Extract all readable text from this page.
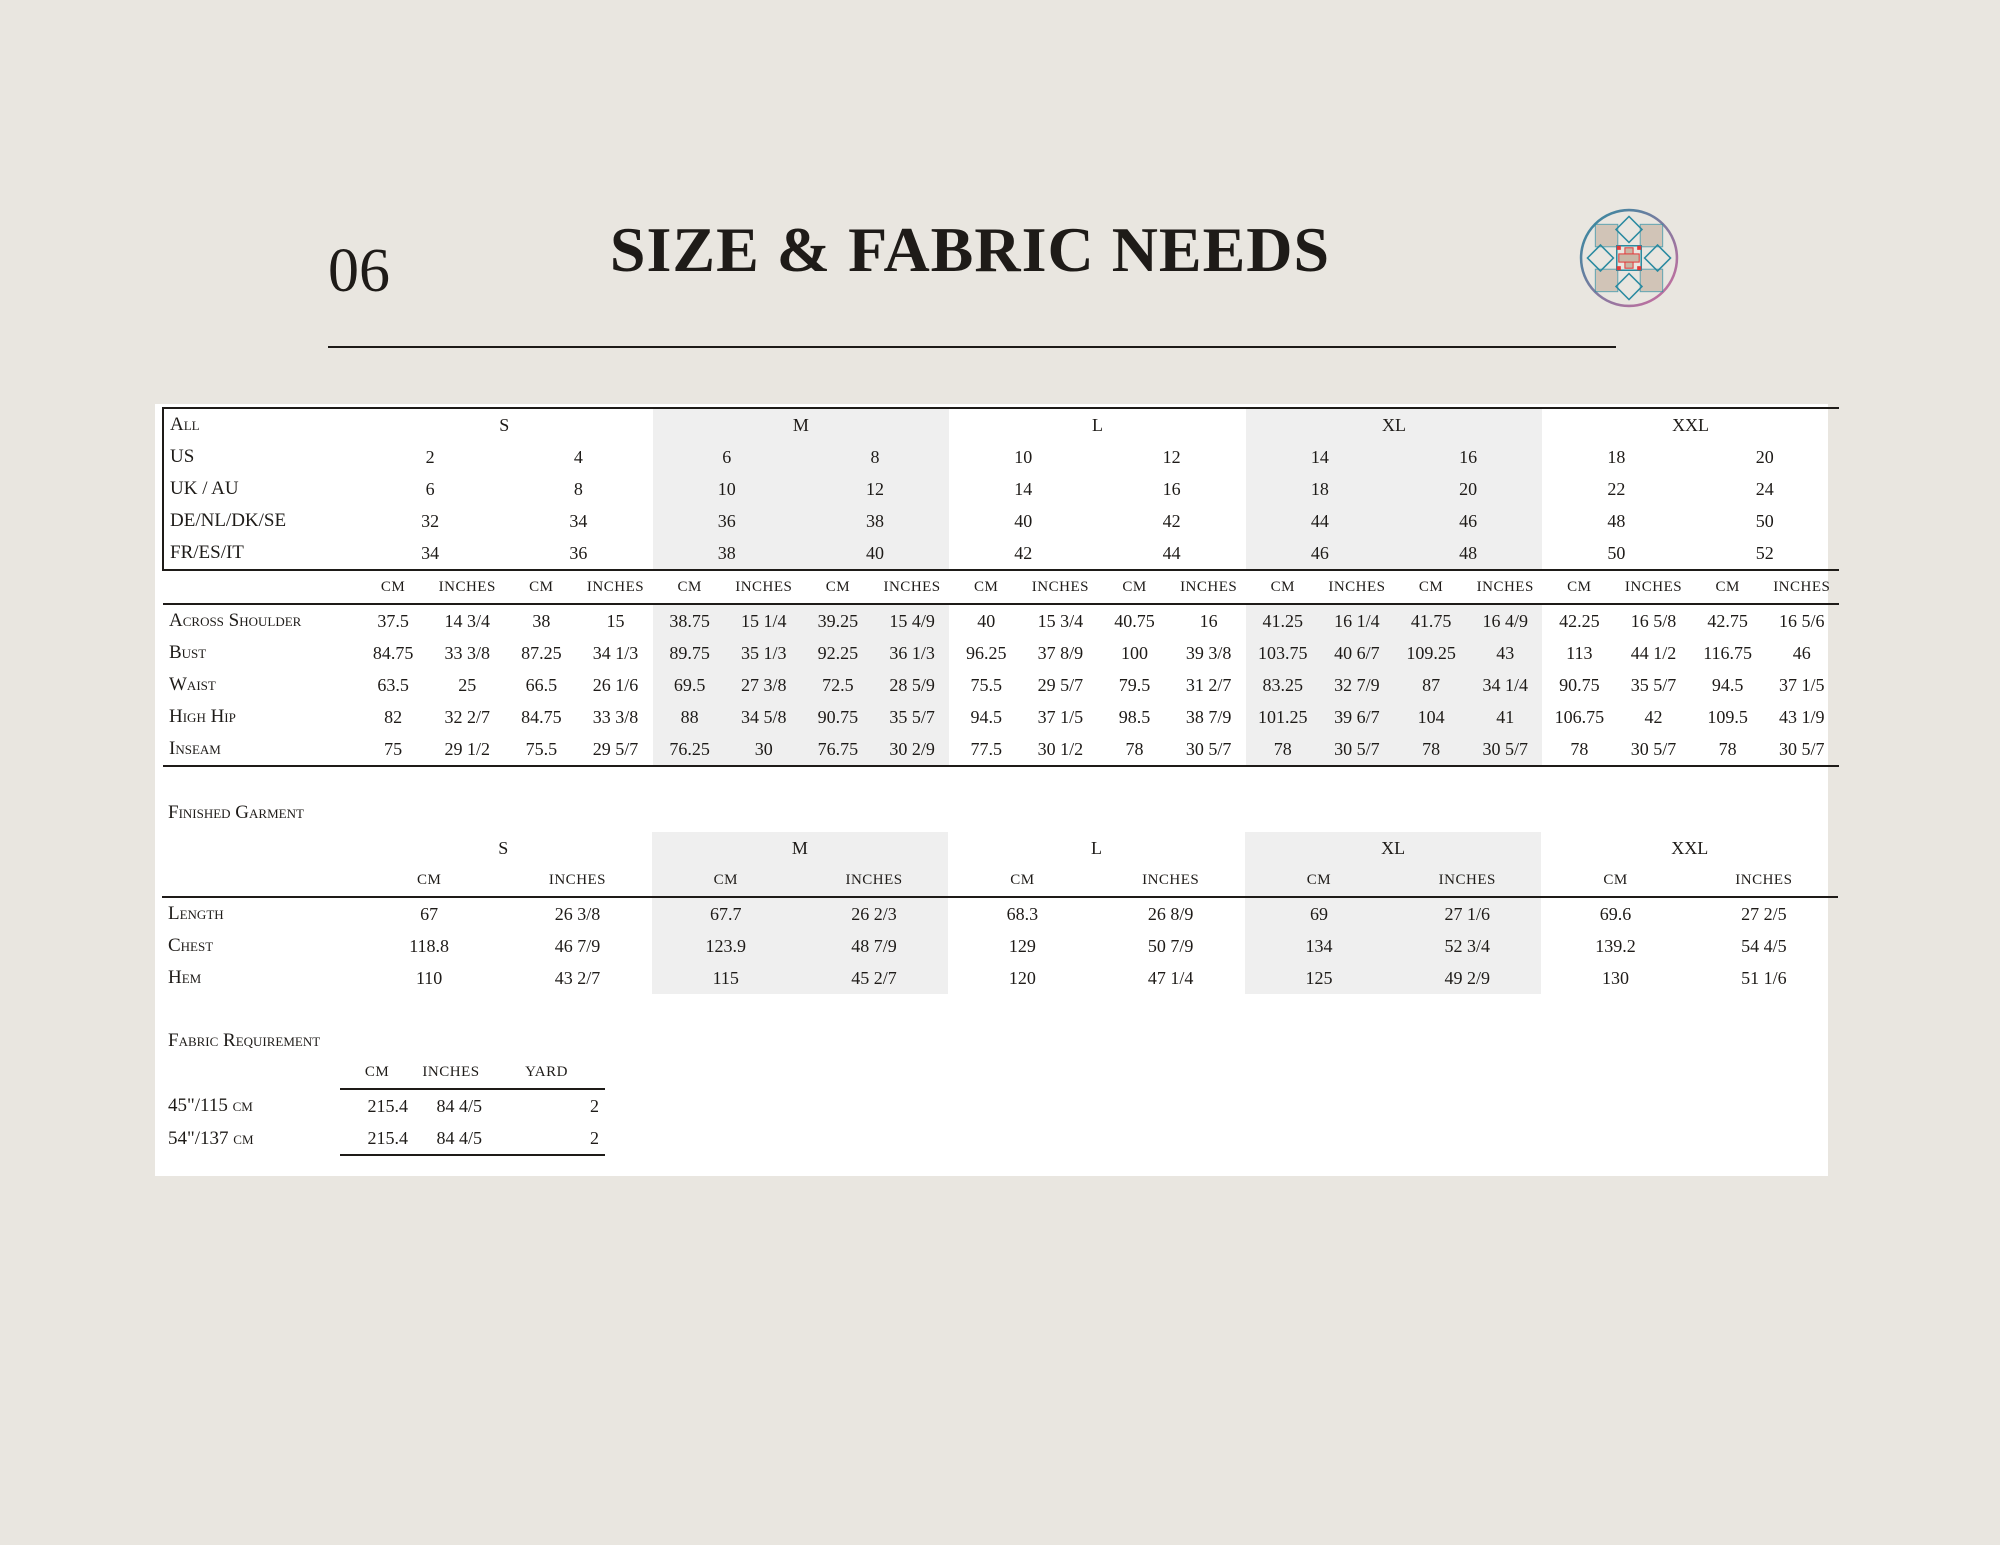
06	SIZE & FABRIC NEEDS
All	S				M				L				XL				XXL			
US	2		4		6		8		10		12		14		16		18		20	
UK / AU	6		8		10		12		14		16		18		20		22		24	
DE/NL/DK/SE	32		34		36		38		40		42		44		46		48		50	
FR/ES/IT	34		36		38		40		42		44		46		48		50		52	
	CM	INCHES	CM	INCHES	CM	INCHES	CM	INCHES	CM	INCHES	CM	INCHES	CM	INCHES	CM	INCHES	CM	INCHES	CM	INCHES
Across Shoulder	37.5	14 3/4	38	15	38.75	15 1/4	39.25	15 4/9	40	15 3/4	40.75	16	41.25	16 1/4	41.75	16 4/9	42.25	16 5/8	42.75	16 5/6
Bust	84.75	33 3/8	87.25	34 1/3	89.75	35 1/3	92.25	36 1/3	96.25	37 8/9	100	39 3/8	103.75	40 6/7	109.25	43	113	44 1/2	116.75	46
Waist	63.5	25	66.5	26 1/6	69.5	27 3/8	72.5	28 5/9	75.5	29 5/7	79.5	31 2/7	83.25	32 7/9	87	34 1/4	90.75	35 5/7	94.5	37 1/5
High Hip	82	32 2/7	84.75	33 3/8	88	34 5/8	90.75	35 5/7	94.5	37 1/5	98.5	38 7/9	101.25	39 6/7	104	41	106.75	42	109.5	43 1/9
Inseam	75	29 1/2	75.5	29 5/7	76.25	30	76.75	30 2/9	77.5	30 1/2	78	30 5/7	78	30 5/7	78	30 5/7	78	30 5/7	78	30 5/7
Finished Garment
	S		M		L		XL		XXL	
	CM	INCHES	CM	INCHES	CM	INCHES	CM	INCHES	CM	INCHES
Length	67	26 3/8	67.7	26 2/3	68.3	26 8/9	69	27 1/6	69.6	27 2/5
Chest	118.8	46 7/9	123.9	48 7/9	129	50 7/9	134	52 3/4	139.2	54 4/5
Hem	110	43 2/7	115	45 2/7	120	47 1/4	125	49 2/9	130	51 1/6
Fabric Requirement
	CM	INCHES	YARD
45"/115 cm	215.4	84 4/5	2
54"/137 cm	215.4	84 4/5	2
